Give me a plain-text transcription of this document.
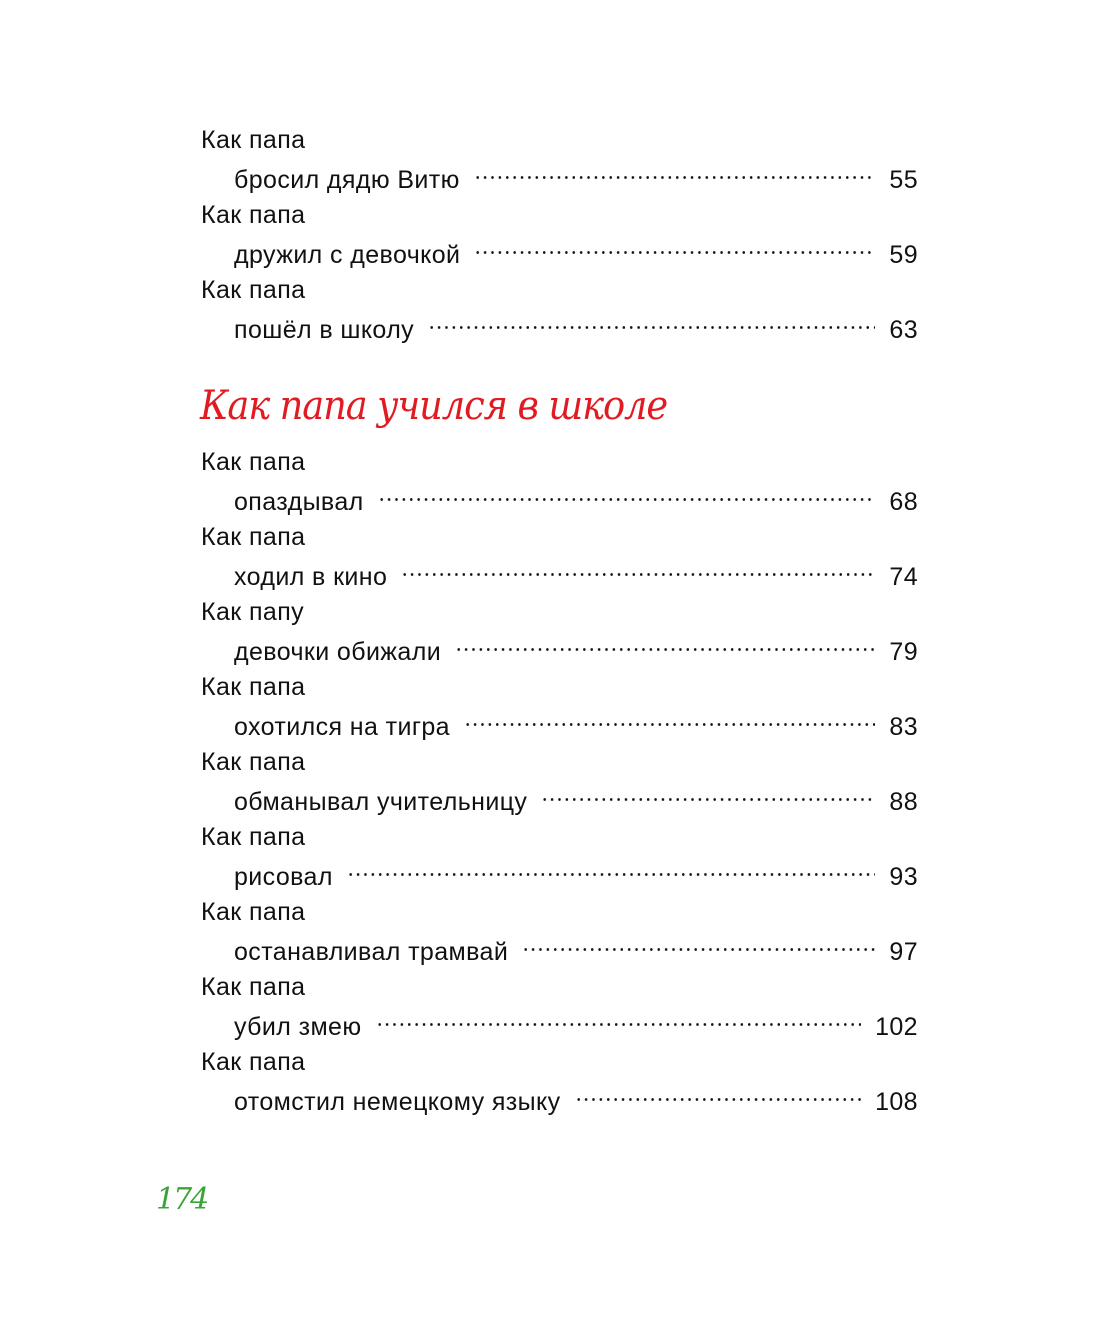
Как папа
бросил дядю Витю	55
Как папа
дружил с девочкой	59
Как папа
пошёл в школу	63
Как папа учился в школе
Как папа
опаздывал	68
Как папа
ходил в кино	74
Как папу
девочки обижали	79
Как папа
охотился на тигра	83
Как папа
обманывал учительницу	88
Как папа
рисовал	93
Как папа
останавливал трамвай	97
Как папа
убил змею	102
Как папа
отомстил немецкому языку	108
174
